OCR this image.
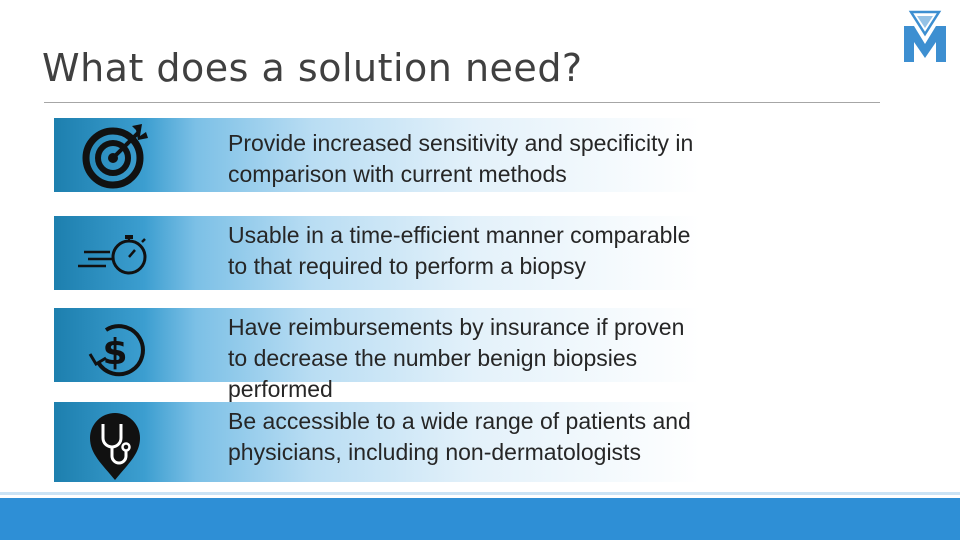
What does a solution need?
Provide increased sensitivity and specificity in comparison with current methods
Usable in a time-efficient manner comparable to that required to perform a biopsy
$
Have reimbursements by insurance if proven to decrease the number benign biopsies performed
Be accessible to a wide range of patients and physicians, including non-dermatologists
